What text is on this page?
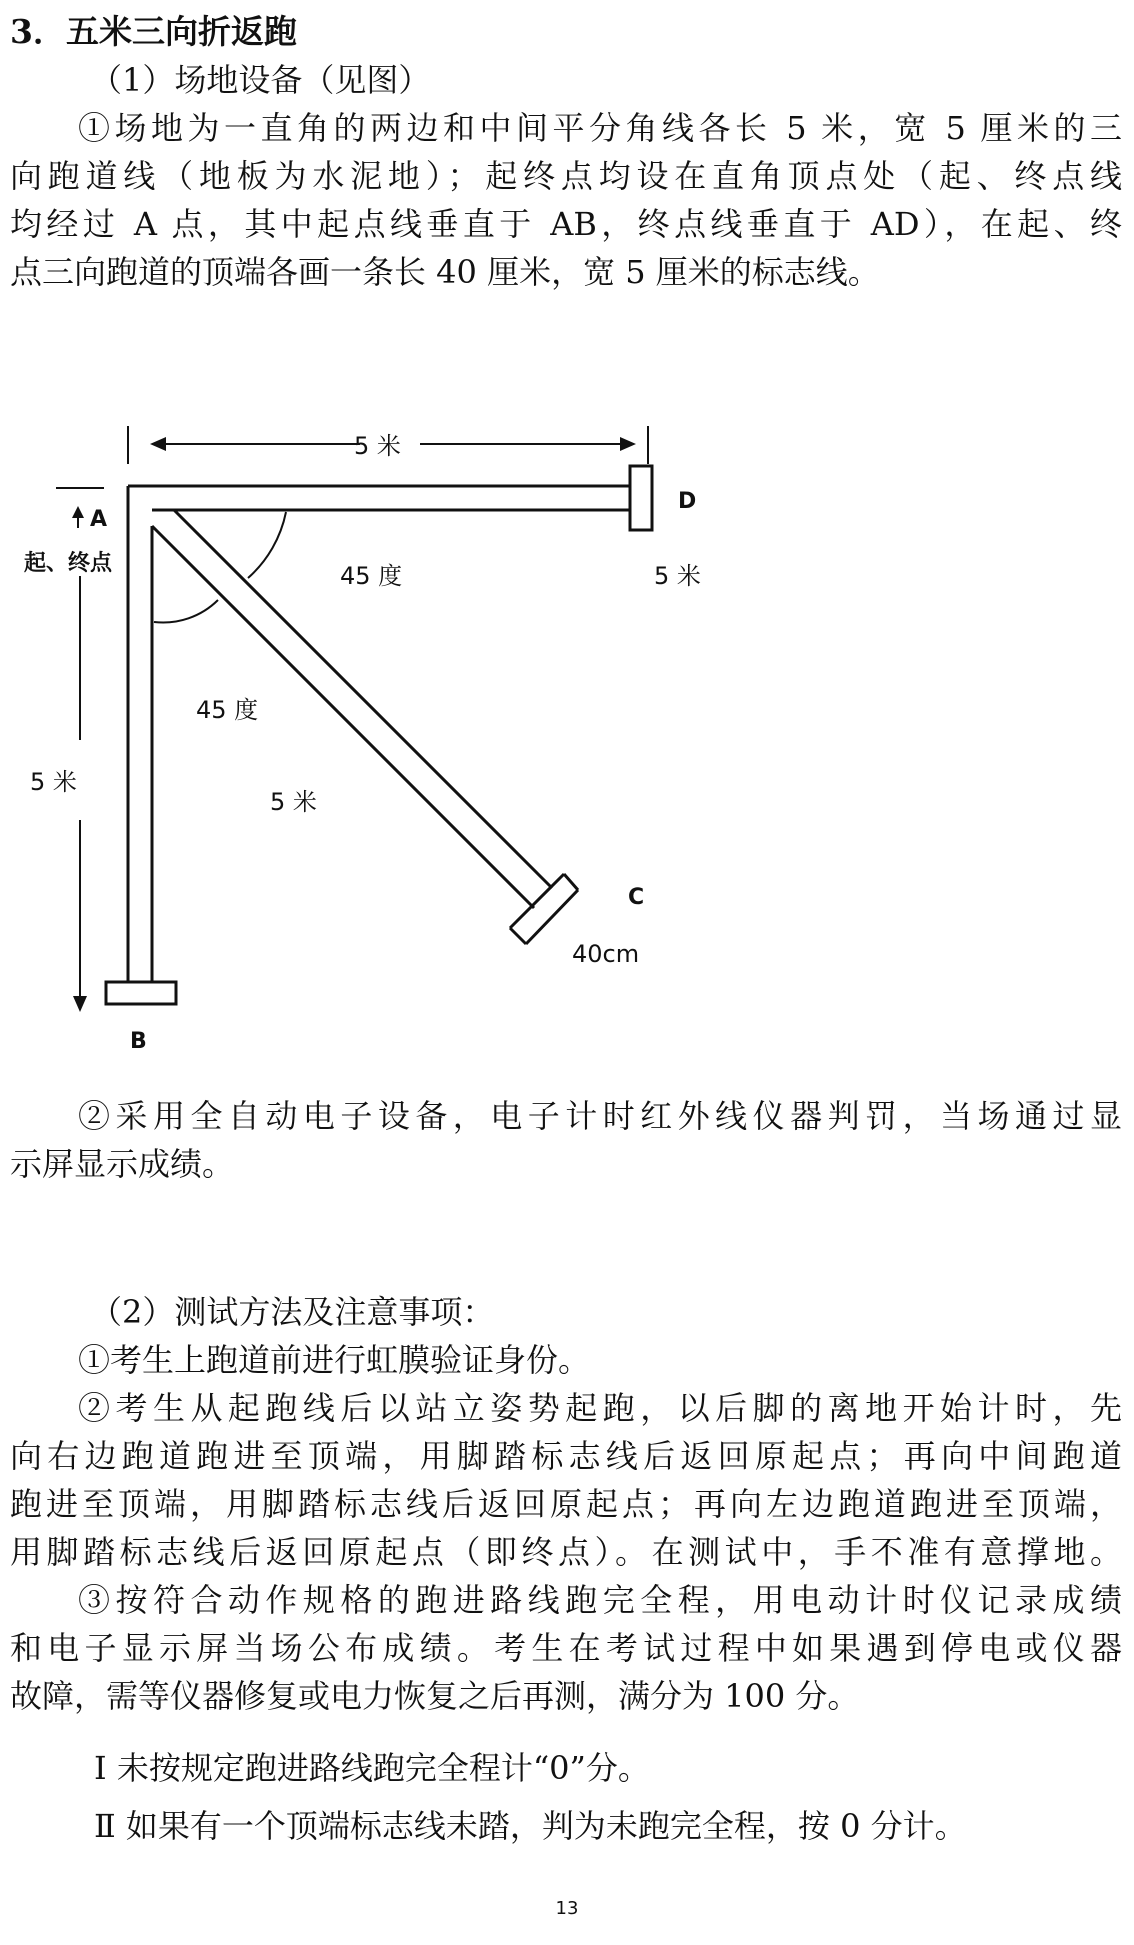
3．五米三向折返跑
（1）场地设备（见图）
①场地为一直角的两边和中间平分角线各长 5 米，宽 5 厘米的三
向跑道线（地板为水泥地）；起终点均设在直角顶点处（起、终点线
均经过 A 点，其中起点线垂直于 AB，终点线垂直于 AD），在起、终
点三向跑道的顶端各画一条长 40 厘米，宽 5 厘米的标志线。
A
起、终点
B
C
D
5 米
5 米
5 米
5 米
45 度
45 度
40cm
②采用全自动电子设备，电子计时红外线仪器判罚，当场通过显
示屏显示成绩。
（2）测试方法及注意事项：
①考生上跑道前进行虹膜验证身份。
②考生从起跑线后以站立姿势起跑，以后脚的离地开始计时，先
向右边跑道跑进至顶端，用脚踏标志线后返回原起点；再向中间跑道
跑进至顶端，用脚踏标志线后返回原起点；再向左边跑道跑进至顶端，
用脚踏标志线后返回原起点（即终点）。在测试中，手不准有意撑地。
③按符合动作规格的跑进路线跑完全程，用电动计时仪记录成绩
和电子显示屏当场公布成绩。考生在考试过程中如果遇到停电或仪器
故障，需等仪器修复或电力恢复之后再测，满分为 100 分。
Ⅰ 未按规定跑进路线跑完全程计“0”分。
Ⅱ 如果有一个顶端标志线未踏，判为未跑完全程，按 0 分计。
13
